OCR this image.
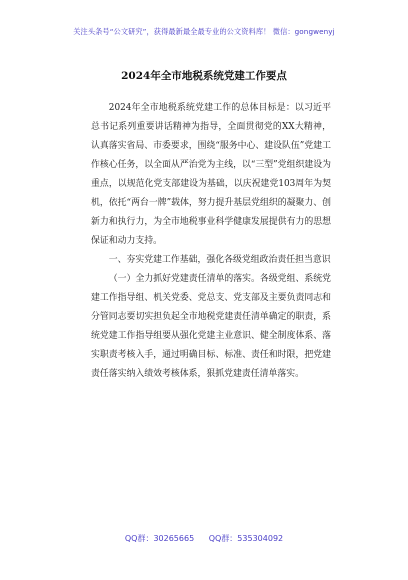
关注头条号“公文研究”，获得最新最全最专业的公文资料库！ 微信：gongwenyj
2024年全市地税系统党建工作要点

2024年全市地税系统党建工作的总体目标是：以习近平总书记系列重要讲话精神为指导，全面贯彻党的XX大精神，认真落实省局、市委要求，围绕“服务中心、建设队伍”党建工作核心任务，以全面从严治党为主线，以“三型”党组织建设为重点，以规范化党支部建设为基础，以庆祝建党103周年为契机，依托“两台一牌”载体，努力提升基层党组织的凝聚力、创新力和执行力，为全市地税事业科学健康发展提供有力的思想保证和动力支持。

一、夯实党建工作基础，强化各级党组政治责任担当意识

（一）全力抓好党建责任清单的落实。各级党组、系统党建工作指导组、机关党委、党总支、党支部及主要负责同志和分管同志要切实担负起全市地税党建责任清单确定的职责，系统党建工作指导组要从强化党建主业意识、健全制度体系、落实职责考核入手，通过明确目标、标准、责任和时限，把党建责任落实纳入绩效考核体系，狠抓党建责任清单落实。

QQ群：30265665 QQ群：535304092
